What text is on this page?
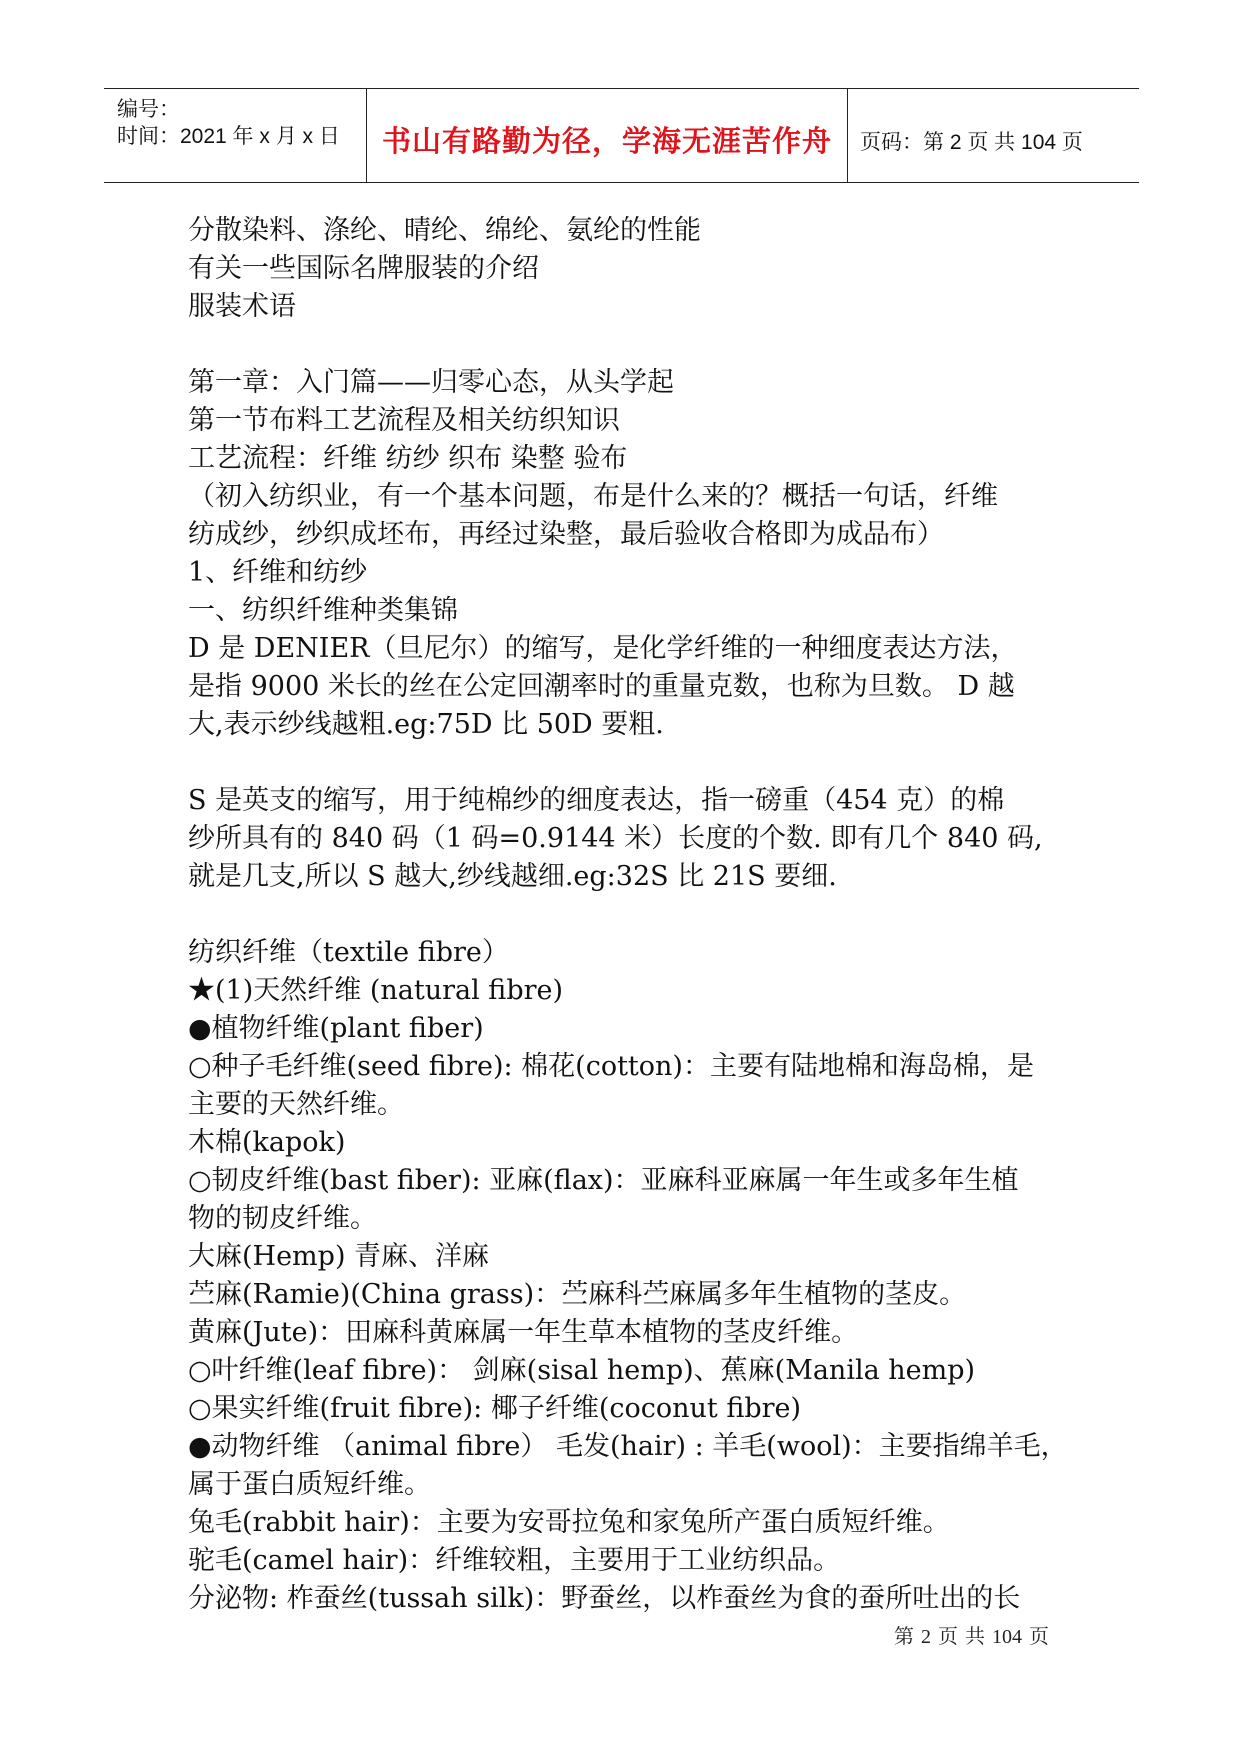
编号：
时间：2021 年 x 月 x 日	书山有路勤为径，学海无涯苦作舟	页码：第 2 页 共 104 页
分散染料、涤纶、晴纶、绵纶、氨纶的性能
有关一些国际名牌服装的介绍
服装术语
第一章：入门篇——归零心态，从头学起
第一节布料工艺流程及相关纺织知识
工艺流程：纤维 纺纱 织布 染整 验布
（初入纺织业，有一个基本问题，布是什么来的？概括一句话，纤维
纺成纱，纱织成坯布，再经过染整，最后验收合格即为成品布）
1、纤维和纺纱
一、纺织纤维种类集锦
D 是 DENIER（旦尼尔）的缩写，是化学纤维的一种细度表达方法，
是指 9000 米长的丝在公定回潮率时的重量克数，也称为旦数。 D 越
大,表示纱线越粗.eg:75D 比 50D 要粗.
S 是英支的缩写，用于纯棉纱的细度表达，指一磅重（454 克）的棉
纱所具有的 840 码（1 码=0.9144 米）长度的个数. 即有几个 840 码,
就是几支,所以 S 越大,纱线越细.eg:32S 比 21S 要细.
纺织纤维（textile fibre）
★(1)天然纤维 (natural fibre)
●植物纤维(plant fiber)
○种子毛纤维(seed fibre): 棉花(cotton)：主要有陆地棉和海岛棉，是
主要的天然纤维。
木棉(kapok)
○韧皮纤维(bast fiber): 亚麻(flax)：亚麻科亚麻属一年生或多年生植
物的韧皮纤维。
大麻(Hemp) 青麻、洋麻
苎麻(Ramie)(China grass)：苎麻科苎麻属多年生植物的茎皮。
黄麻(Jute)：田麻科黄麻属一年生草本植物的茎皮纤维。
○叶纤维(leaf fibre)： 剑麻(sisal hemp)、蕉麻(Manila hemp)
○果实纤维(fruit fibre): 椰子纤维(coconut fibre)
●动物纤维 （animal fibre） 毛发(hair) : 羊毛(wool)：主要指绵羊毛，
属于蛋白质短纤维。
兔毛(rabbit hair)：主要为安哥拉兔和家兔所产蛋白质短纤维。
驼毛(camel hair)：纤维较粗，主要用于工业纺织品。
分泌物: 柞蚕丝(tussah silk)：野蚕丝，以柞蚕丝为食的蚕所吐出的长
第 2 页 共 104 页
